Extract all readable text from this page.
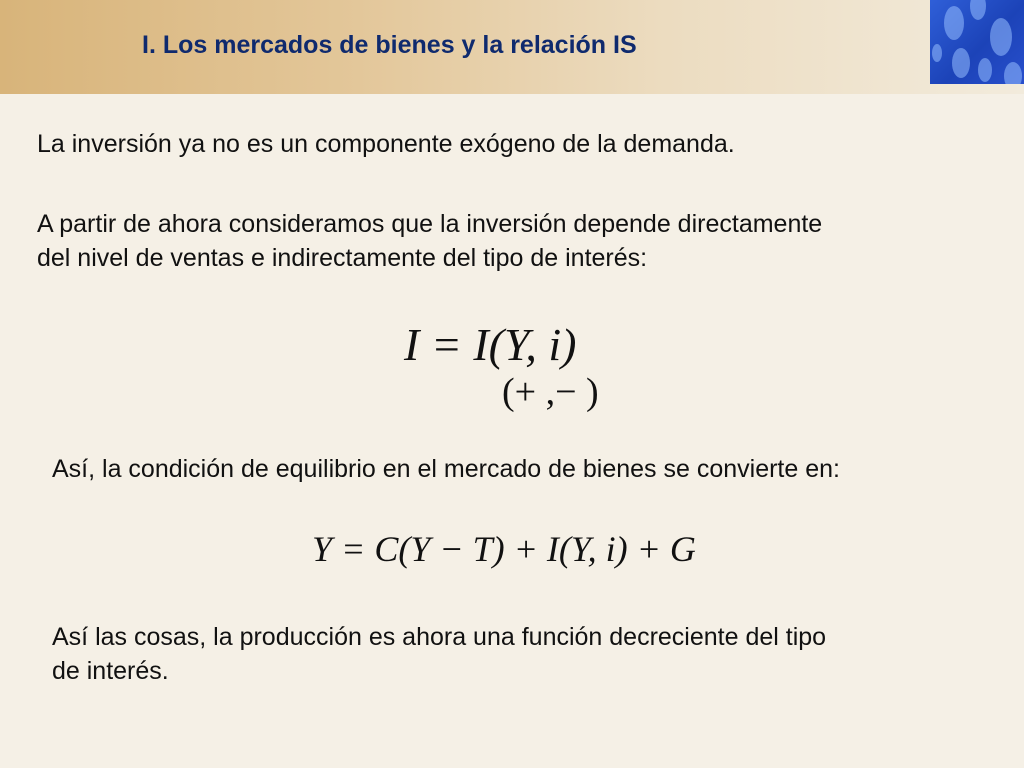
I. Los mercados de bienes y la relación IS
La inversión ya no es un componente exógeno de la demanda.
A partir de ahora consideramos que la inversión depende directamente
del nivel de ventas e indirectamente del tipo de interés:
I = I(Y, i)
(+ ,− )
Así, la condición de equilibrio en el mercado de bienes se convierte en:
Y = C(Y − T) + I(Y, i) + G
Así las cosas, la producción es ahora una función decreciente del tipo
de interés.
